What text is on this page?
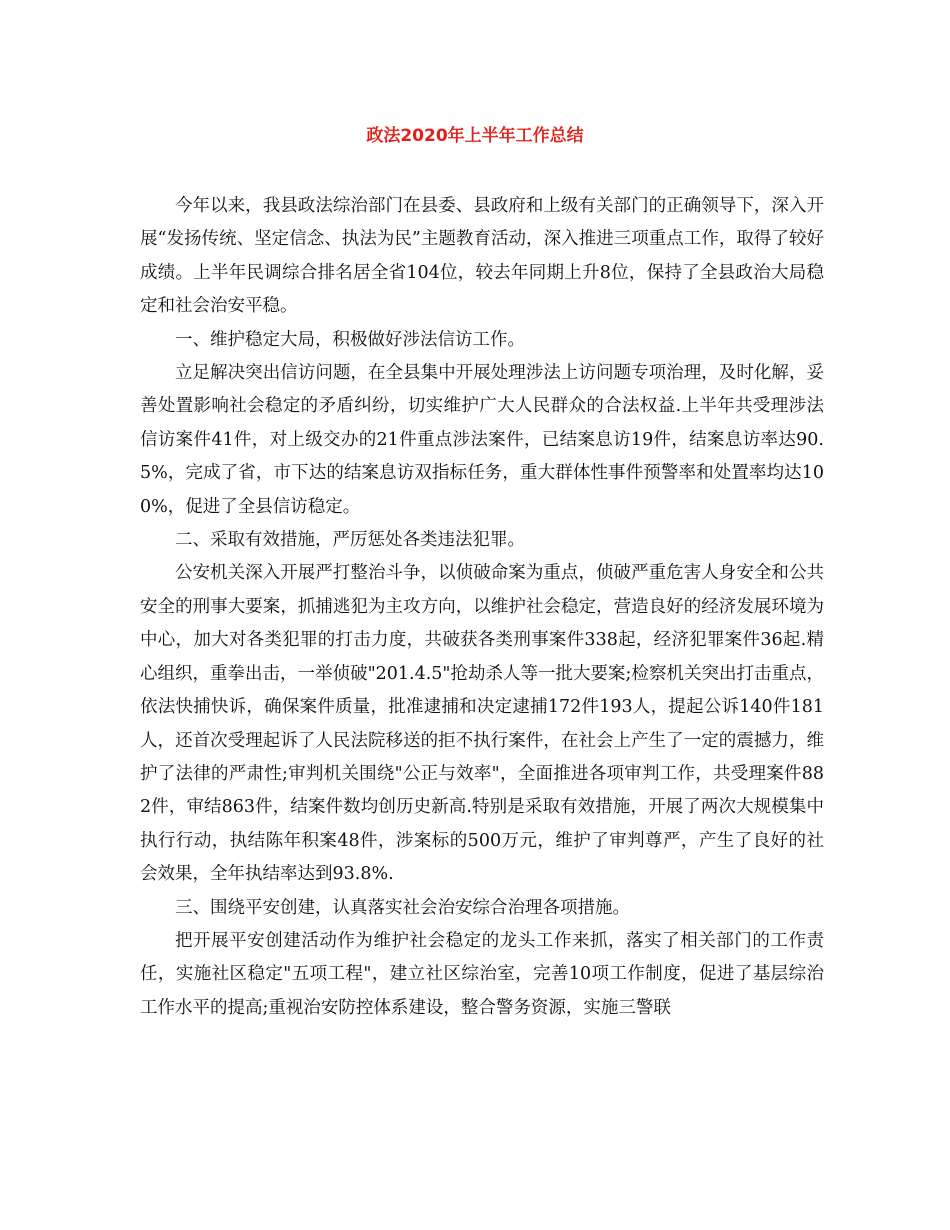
政法2020年上半年工作总结

今年以来，我县政法综治部门在县委、县政府和上级有关部门的正确领导下，深入开展“发扬传统、坚定信念、执法为民”主题教育活动，深入推进三项重点工作，取得了较好成绩。上半年民调综合排名居全省104位，较去年同期上升8位，保持了全县政治大局稳定和社会治安平稳。

一、维护稳定大局，积极做好涉法信访工作。

立足解决突出信访问题，在全县集中开展处理涉法上访问题专项治理，及时化解，妥善处置影响社会稳定的矛盾纠纷，切实维护广大人民群众的合法权益.上半年共受理涉法信访案件41件，对上级交办的21件重点涉法案件，已结案息访19件，结案息访率达90.5%，完成了省，市下达的结案息访双指标任务，重大群体性事件预警率和处置率均达100%，促进了全县信访稳定。

二、采取有效措施，严厉惩处各类违法犯罪。

公安机关深入开展严打整治斗争，以侦破命案为重点，侦破严重危害人身安全和公共安全的刑事大要案，抓捕逃犯为主攻方向，以维护社会稳定，营造良好的经济发展环境为中心，加大对各类犯罪的打击力度，共破获各类刑事案件338起，经济犯罪案件36起.精心组织，重拳出击，一举侦破"201.4.5"抢劫杀人等一批大要案;检察机关突出打击重点，依法快捕快诉，确保案件质量，批准逮捕和决定逮捕172件193人，提起公诉140件181人，还首次受理起诉了人民法院移送的拒不执行案件，在社会上产生了一定的震撼力，维护了法律的严肃性;审判机关围绕"公正与效率"，全面推进各项审判工作，共受理案件882件，审结863件，结案件数均创历史新高.特别是采取有效措施，开展了两次大规模集中执行行动，执结陈年积案48件，涉案标的500万元，维护了审判尊严，产生了良好的社会效果，全年执结率达到93.8%.

三、围绕平安创建，认真落实社会治安综合治理各项措施。

把开展平安创建活动作为维护社会稳定的龙头工作来抓，落实了相关部门的工作责任，实施社区稳定"五项工程"，建立社区综治室，完善10项工作制度，促进了基层综治工作水平的提高;重视治安防控体系建设，整合警务资源，实施三警联
